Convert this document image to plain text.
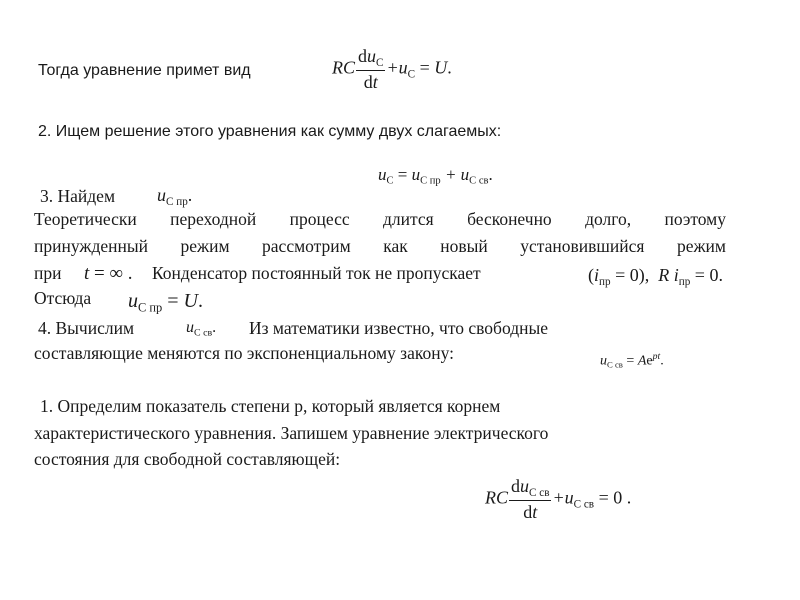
Тогда уравнение примет вид	RC $\frac{du_C}{dt} +u_C = U$.
2. Ищем решение этого уравнения как сумму двух слагаемых:
$u_C = u_{C пр} + u_{C св}$.
3. Найдем $u_{C пр}$.
Теоретически переходной процесс длится бесконечно долго, поэтому
принужденный режим рассмотрим как новый установившийся режим
при t = ∞ . Конденсатор постоянный ток не пропускает	$(i_{пр} = 0)$,  R $i_{пр} = 0$.
Отсюда $u_{C пр} = U$.
4. Вычислим	$u_{C св}$. Из математики известно, что свободные
составляющие меняются по экспоненциальному закону:	$u_{C св} = Ae^{pt}$.
1. Определим показатель степени p, который является корнем
характеристического уравнения. Запишем уравнение электрического
состояния для свободной составляющей:
RC $\frac{du_{C св}}{dt} +u_{C св} = 0$ .
